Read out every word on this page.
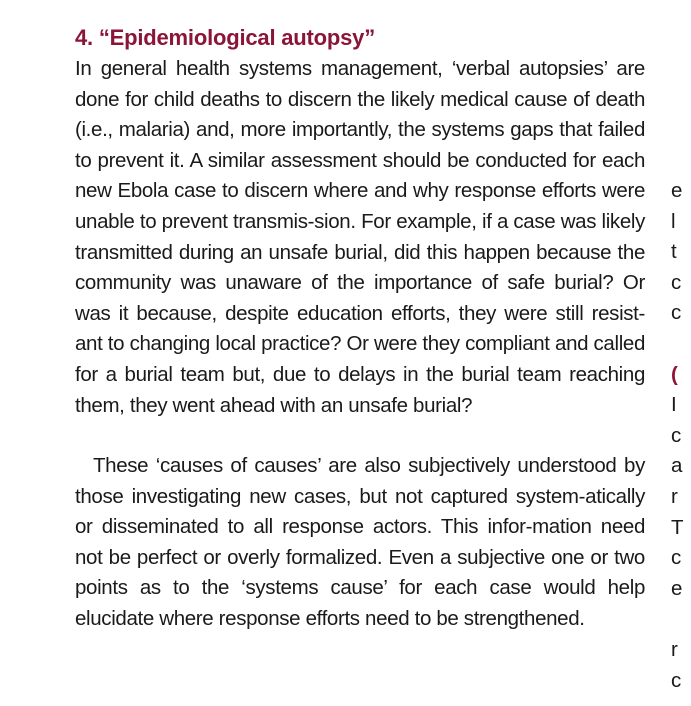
4. “Epidemiological autopsy”

In general health systems management, ‘verbal autopsies’ are done for child deaths to discern the likely medical cause of death (i.e., malaria) and, more importantly, the systems gaps that failed to prevent it. A similar assessment should be conducted for each new Ebola case to discern where and why response efforts were unable to prevent transmis-sion. For example, if a case was likely transmitted during an unsafe burial, did this happen because the community was unaware of the importance of safe burial? Or was it because, despite education efforts, they were still resist-ant to changing local practice? Or were they compliant and called for a burial team but, due to delays in the burial team reaching them, they went ahead with an unsafe burial?

These ‘causes of causes’ are also subjectively understood by those investigating new cases, but not captured system-atically or disseminated to all response actors. This infor-mation need not be perfect or overly formalized. Even a subjective one or two points as to the ‘systems cause’ for each case would help elucidate where response efforts need to be strengthened.

e
l
t
c
c
(
I
c
a
r
T
c
e
r
c
